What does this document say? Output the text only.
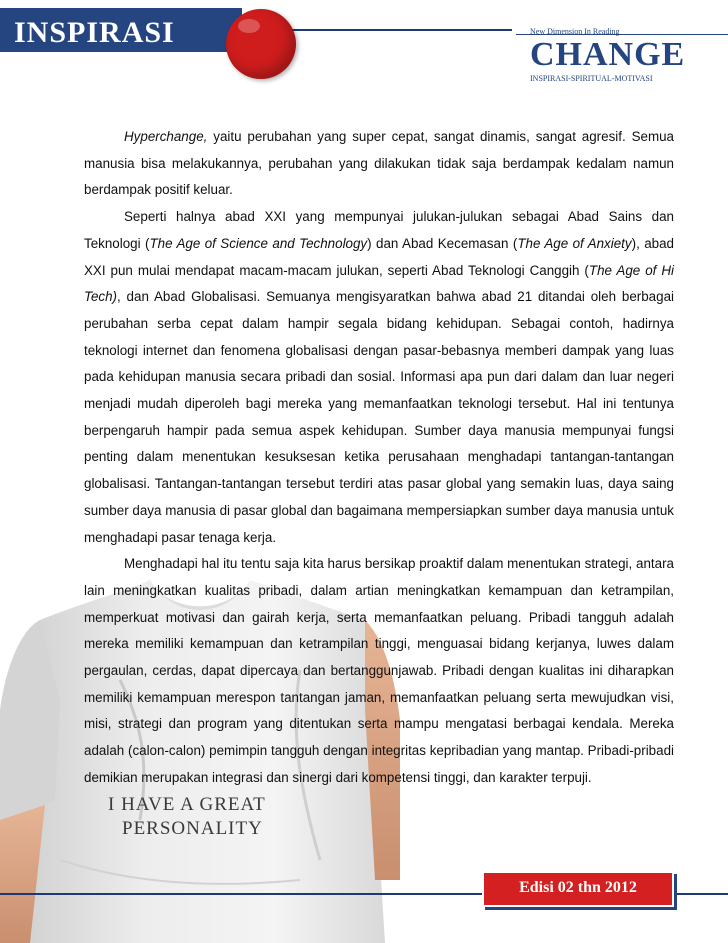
INSPIRASI	New Dimension In Reading
CHANGE
INSPIRASI-SPIRITUAL-MOTIVASI
I HAVE A GREAT
PERSONALITY

Hyperchange, yaitu perubahan yang super cepat, sangat dinamis, sangat agresif. Semua manusia bisa melakukannya, perubahan yang dilakukan tidak saja berdampak kedalam namun berdampak positif keluar.

Seperti halnya abad XXI yang mempunyai julukan-julukan sebagai Abad Sains dan Teknologi (The Age of Science and Technology) dan Abad Kecemasan (The Age of Anxiety), abad XXI pun mulai mendapat macam-macam julukan, seperti Abad Teknologi Canggih (The Age of Hi Tech), dan Abad Globalisasi. Semuanya mengisyaratkan bahwa abad 21 ditandai oleh berbagai perubahan serba cepat dalam hampir segala bidang kehidupan. Sebagai contoh, hadirnya teknologi internet dan fenomena globalisasi dengan pasar-bebasnya memberi dampak yang luas pada kehidupan manusia secara pribadi dan sosial. Informasi apa pun dari dalam dan luar negeri menjadi mudah diperoleh bagi mereka yang memanfaatkan teknologi tersebut. Hal ini tentunya berpengaruh hampir pada semua aspek kehidupan. Sumber daya manusia mempunyai fungsi penting dalam menentukan kesuksesan ketika perusahaan menghadapi tantangan-tantangan globalisasi. Tantangan-tantangan tersebut terdiri atas pasar global yang semakin luas, daya saing sumber daya manusia di pasar global dan bagaimana mempersiapkan sumber daya manusia untuk menghadapi pasar tenaga kerja.

Menghadapi hal itu tentu saja kita harus bersikap proaktif dalam menentukan strategi, antara lain meningkatkan kualitas pribadi, dalam artian meningkatkan kemampuan dan ketrampilan, memperkuat motivasi dan gairah kerja, serta memanfaatkan peluang. Pribadi tangguh adalah mereka memiliki kemampuan dan ketrampilan tinggi, menguasai bidang kerjanya, luwes dalam pergaulan, cerdas, dapat dipercaya dan bertanggunjawab. Pribadi dengan kualitas ini diharapkan memiliki kemampuan merespon tantangan jaman, memanfaatkan peluang serta mewujudkan visi, misi, strategi dan program yang ditentukan serta mampu mengatasi berbagai kendala. Mereka adalah (calon-calon) pemimpin tangguh dengan integritas kepribadian yang mantap. Pribadi-pribadi demikian merupakan integrasi dan sinergi dari kompetensi tinggi, dan karakter terpuji.

Edisi 02 thn 2012
